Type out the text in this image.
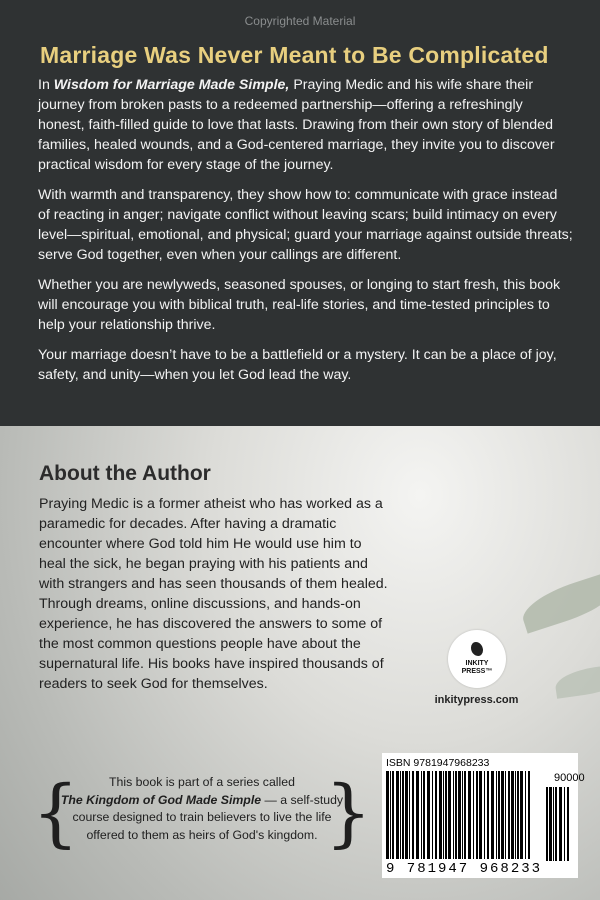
Copyrighted Material
Marriage Was Never Meant to Be Complicated

In Wisdom for Marriage Made Simple, Praying Medic and his wife share their journey from broken pasts to a redeemed partnership—offering a refreshingly honest, faith-filled guide to love that lasts. Drawing from their own story of blended families, healed wounds, and a God-centered marriage, they invite you to discover practical wisdom for every stage of the journey.

With warmth and transparency, they show how to: communicate with grace instead of reacting in anger; navigate conflict without leaving scars; build intimacy on every level—spiritual, emotional, and physical; guard your marriage against outside threats; serve God together, even when your callings are different.

Whether you are newlyweds, seasoned spouses, or longing to start fresh, this book will encourage you with biblical truth, real-life stories, and time-tested principles to help your relationship thrive.

Your marriage doesn’t have to be a battlefield or a mystery. It can be a place of joy, safety, and unity—when you let God lead the way.

About the Author
Praying Medic is a former atheist who has worked as a paramedic for decades. After having a dramatic encounter where God told him He would use him to heal the sick, he began praying with his patients and with strangers and has seen thousands of them healed. Through dreams, online discussions, and hands-on experience, he has discovered the answers to some of the most common questions people have about the supernatural life. His books have inspired thousands of readers to seek God for themselves.
INKITY
PRESS™
inkitypress.com
{	This book is part of a series called
The Kingdom of God Made Simple — a self-study course designed to train believers to live the life offered to them as heirs of God's kingdom. }
ISBN 9781947968233
90000
9 781947 968233
